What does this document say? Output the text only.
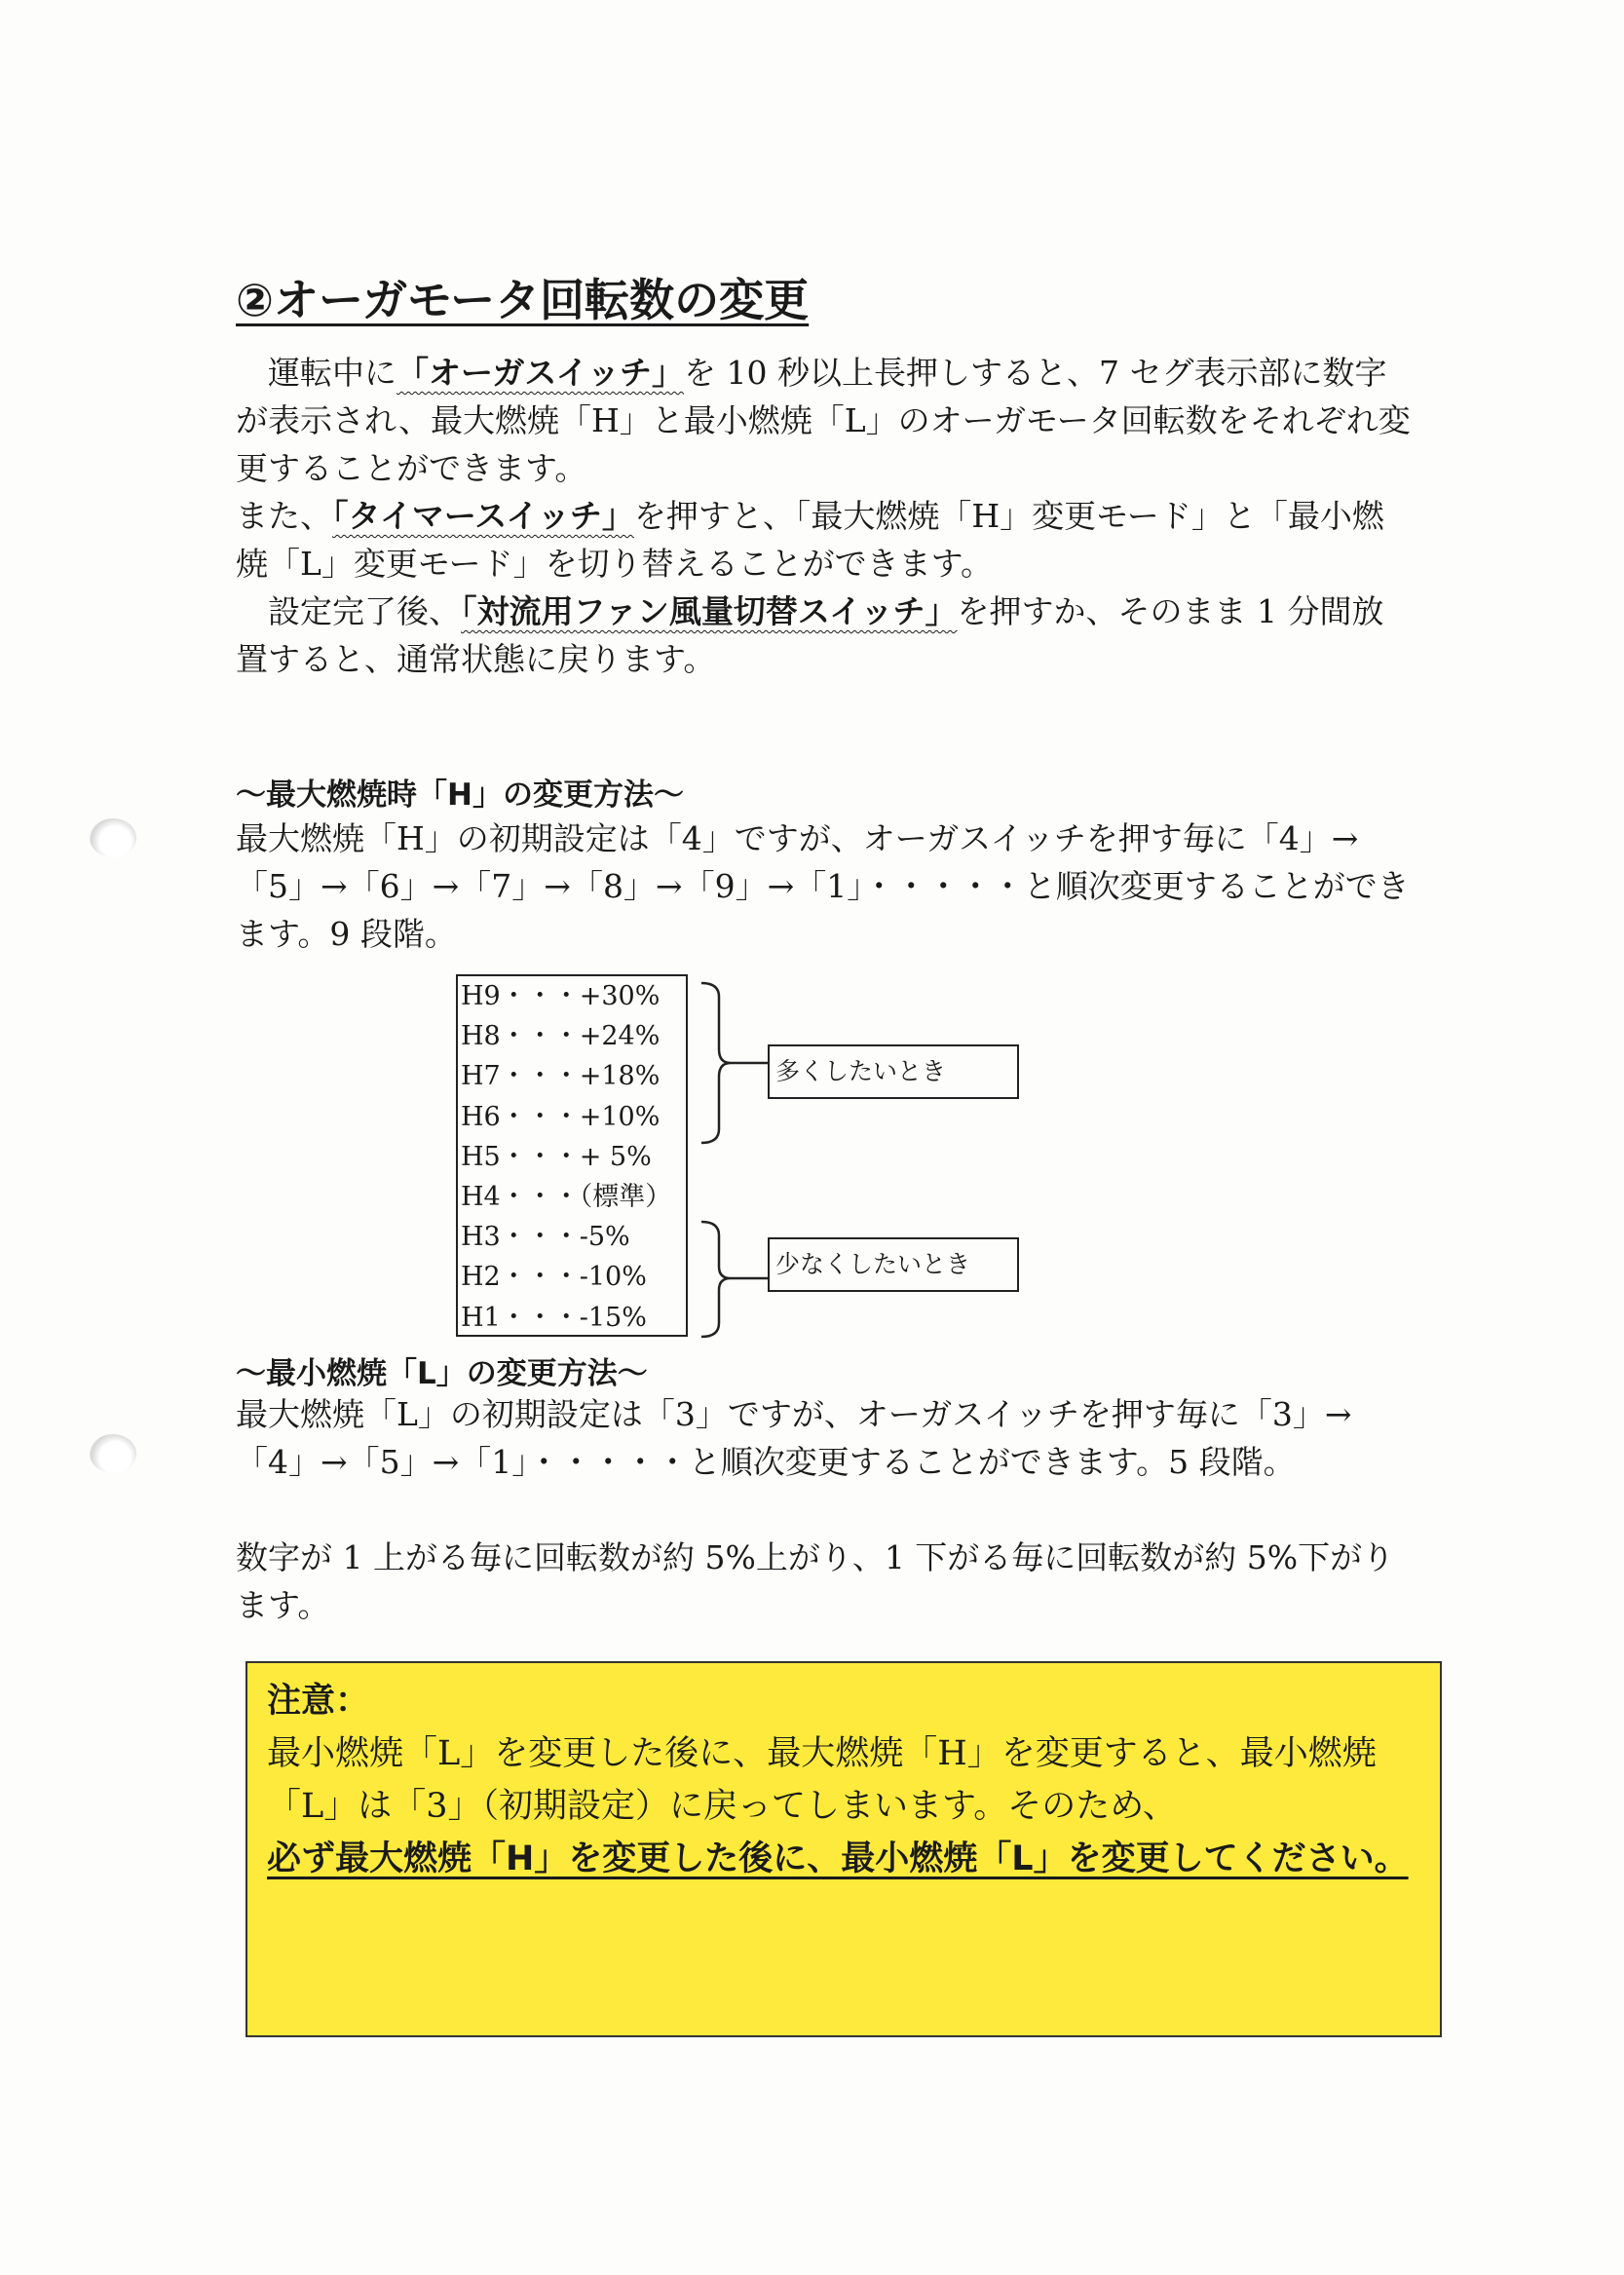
②オーガモータ回転数の変更

運転中に「オーガスイッチ」を 10 秒以上長押しすると、7 セグ表示部に数字が表示され、最大燃焼「H」と最小燃焼「L」のオーガモータ回転数をそれぞれ変更することができます。

また、「タイマースイッチ」を押すと、「最大燃焼「H」変更モード」と「最小燃焼「L」変更モード」を切り替えることができます。

設定完了後、「対流用ファン風量切替スイッチ」を押すか、そのまま 1 分間放置すると、通常状態に戻ります。

～最大燃焼時「H」の変更方法～

最大燃焼「H」の初期設定は「4」ですが、オーガスイッチを押す毎に「4」→「5」→「6」→「7」→「8」→「9」→「1」・・・・・と順次変更することができます。9 段階。

H9・・・+30%
H8・・・+24%
H7・・・+18%
H6・・・+10%
H5・・・+ 5%
H4・・・（標準）
H3・・・-5%
H2・・・-10%
H1・・・-15%
多くしたいとき
少なくしたいとき
～最小燃焼「L」の変更方法～

最大燃焼「L」の初期設定は「3」ですが、オーガスイッチを押す毎に「3」→「4」→「5」→「1」・・・・・と順次変更することができます。5 段階。

数字が 1 上がる毎に回転数が約 5%上がり、1 下がる毎に回転数が約 5%下がります。

注意：

最小燃焼「L」を変更した後に、最大燃焼「H」を変更すると、最小燃焼「L」は「3」（初期設定）に戻ってしまいます。そのため、

必ず最大燃焼「H」を変更した後に、最小燃焼「L」を変更してください。
